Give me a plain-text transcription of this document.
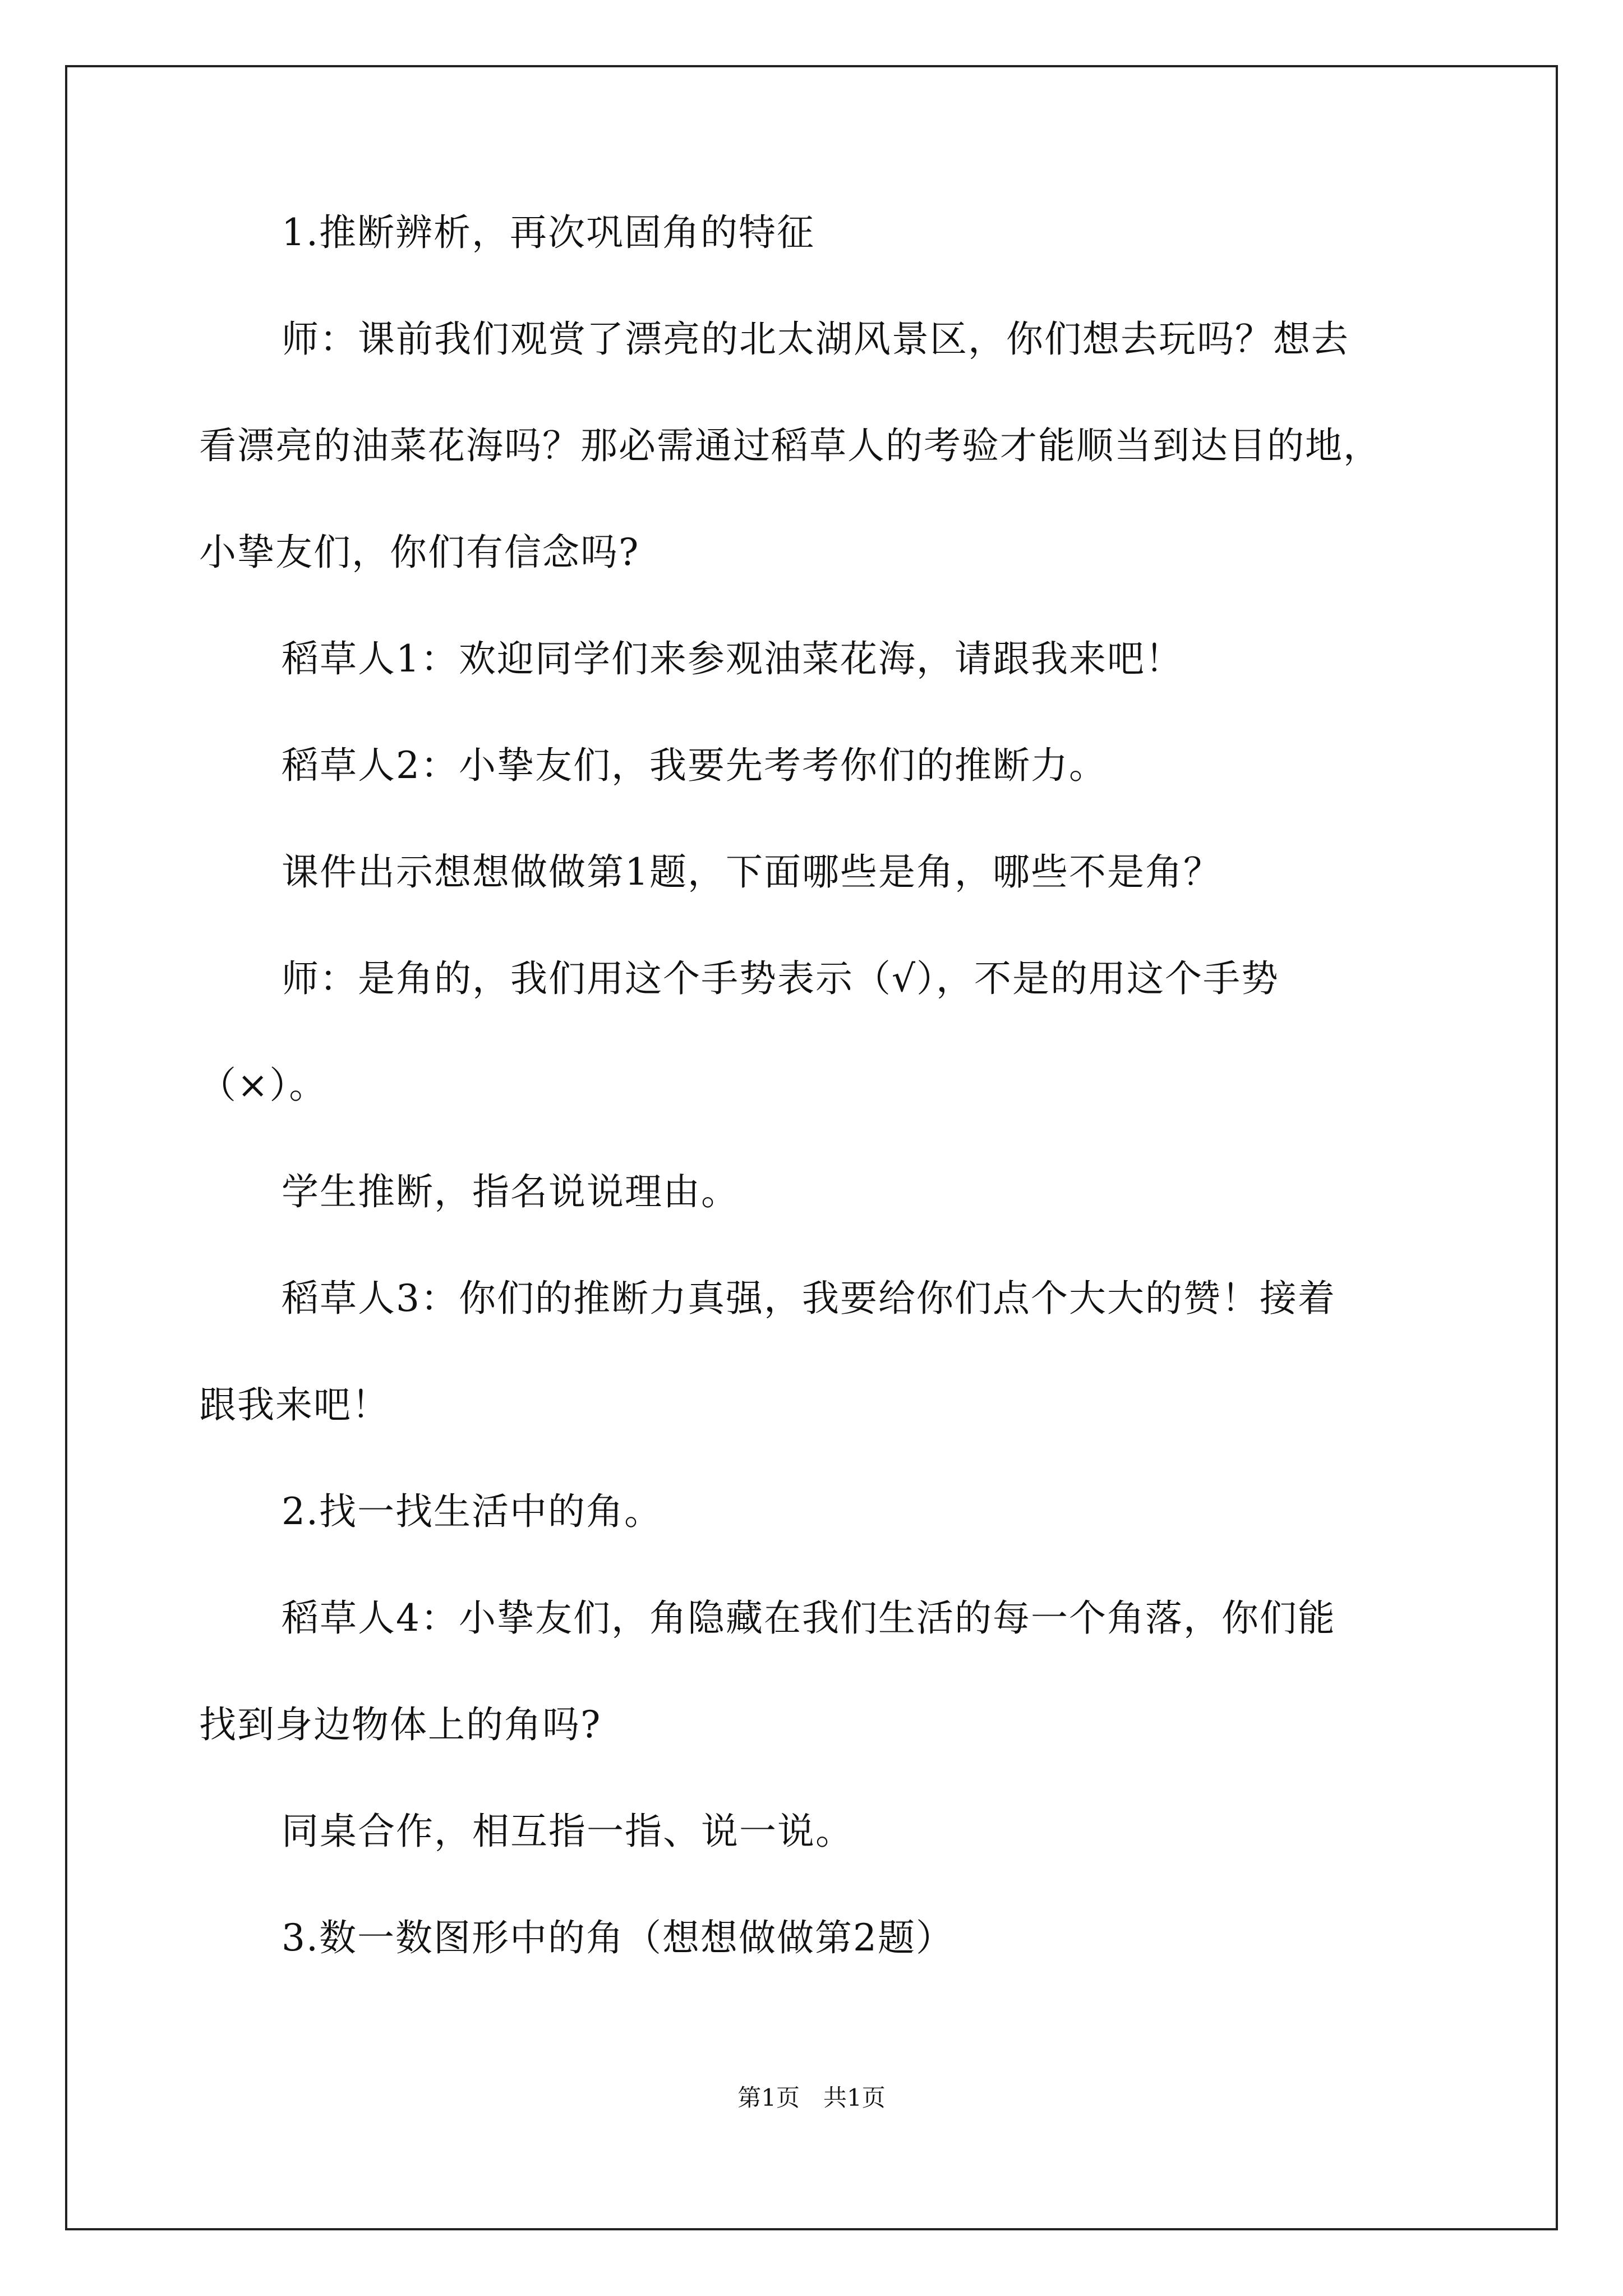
1.推断辨析，再次巩固角的特征
师：课前我们观赏了漂亮的北太湖风景区，你们想去玩吗？想去
看漂亮的油菜花海吗？那必需通过稻草人的考验才能顺当到达目的地，
小挚友们，你们有信念吗?
稻草人1：欢迎同学们来参观油菜花海，请跟我来吧！
稻草人2：小挚友们，我要先考考你们的推断力。
课件出示想想做做第1题，下面哪些是角，哪些不是角？
师：是角的，我们用这个手势表示（√），不是的用这个手势
（×）。
学生推断，指名说说理由。
稻草人3：你们的推断力真强，我要给你们点个大大的赞！接着
跟我来吧！
2.找一找生活中的角。
稻草人4：小挚友们，角隐藏在我们生活的每一个角落，你们能
找到身边物体上的角吗?
同桌合作，相互指一指、说一说。
3.数一数图形中的角（想想做做第2题）
第1页　共1页
